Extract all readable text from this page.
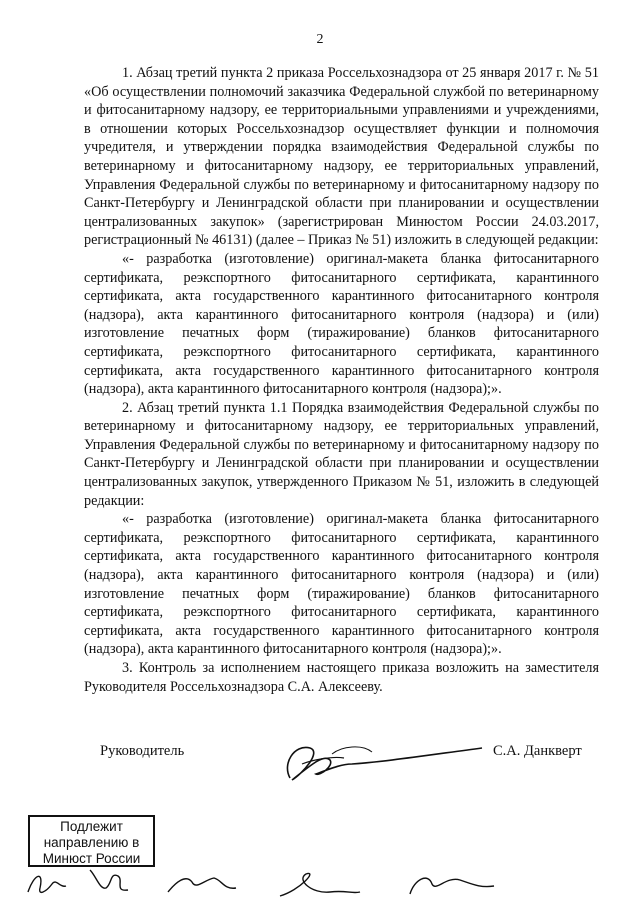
2

1. Абзац третий пункта 2 приказа Россельхознадзора от 25 января 2017 г. № 51 «Об осуществлении полномочий заказчика Федеральной службой по ветеринарному и фитосанитарному надзору, ее территориальными управлениями и учреждениями, в отношении которых Россельхознадзор осуществляет функции и полномочия учредителя, и утверждении порядка взаимодействия Федеральной службы по ветеринарному и фитосанитарному надзору, ее территориальных управлений, Управления Федеральной службы по ветеринарному и фитосанитарному надзору по Санкт-Петербургу и Ленинградской области при планировании и осуществлении централизованных закупок» (зарегистрирован Минюстом России 24.03.2017, регистрационный № 46131) (далее – Приказ № 51) изложить в следующей редакции:

«- разработка (изготовление) оригинал-макета бланка фитосанитарного сертификата, реэкспортного фитосанитарного сертификата, карантинного сертификата, акта государственного карантинного фитосанитарного контроля (надзора), акта карантинного фитосанитарного контроля (надзора) и (или) изготовление печатных форм (тиражирование) бланков фитосанитарного сертификата, реэкспортного фитосанитарного сертификата, карантинного сертификата, акта государственного карантинного фитосанитарного контроля (надзора), акта карантинного фитосанитарного контроля (надзора);».

2. Абзац третий пункта 1.1 Порядка взаимодействия Федеральной службы по ветеринарному и фитосанитарному надзору, ее территориальных управлений, Управления Федеральной службы по ветеринарному и фитосанитарному надзору по Санкт-Петербургу и Ленинградской области при планировании и осуществлении централизованных закупок, утвержденного Приказом № 51, изложить в следующей редакции:

«- разработка (изготовление) оригинал-макета бланка фитосанитарного сертификата, реэкспортного фитосанитарного сертификата, карантинного сертификата, акта государственного карантинного фитосанитарного контроля (надзора), акта карантинного фитосанитарного контроля (надзора) и (или) изготовление печатных форм (тиражирование) бланков фитосанитарного сертификата, реэкспортного фитосанитарного сертификата, карантинного сертификата, акта государственного карантинного фитосанитарного контроля (надзора), акта карантинного фитосанитарного контроля (надзора);».

3. Контроль за исполнением настоящего приказа возложить на заместителя Руководителя Россельхознадзора С.А. Алексееву.

Руководитель	С.А. Данкверт
Подлежит
направлению в
Минюст России
